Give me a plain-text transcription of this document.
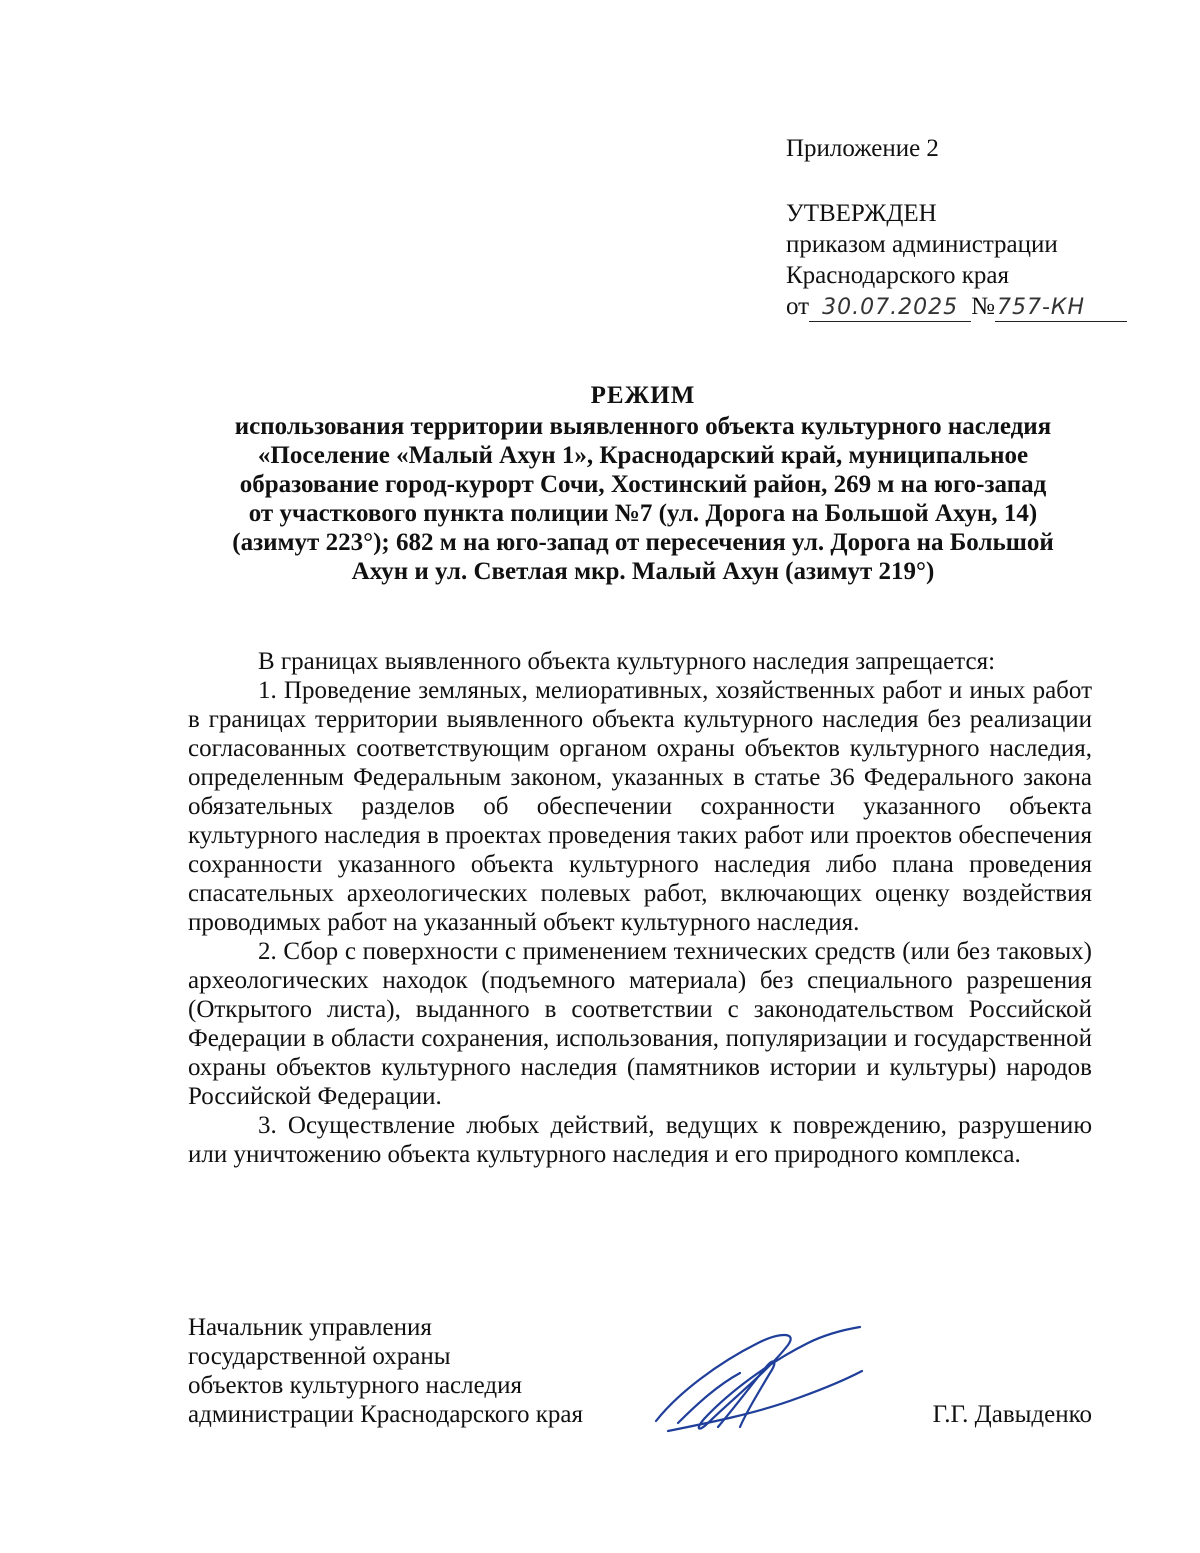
Приложение 2
УТВЕРЖДЕН
приказом администрации
Краснодарского края
от 30.07.2025 №757-КН
РЕЖИМ
использования территории выявленного объекта культурного наследия
«Поселение «Малый Ахун 1», Краснодарский край, муниципальное
образование город-курорт Сочи, Хостинский район, 269 м на юго-запад
от участкового пункта полиции №7 (ул. Дорога на Большой Ахун, 14)
(азимут 223°); 682 м на юго-запад от пересечения ул. Дорога на Большой
Ахун и ул. Светлая мкр. Малый Ахун (азимут 219°)

В границах выявленного объекта культурного наследия запрещается:

1. Проведение земляных, мелиоративных, хозяйственных работ и иных работ в границах территории выявленного объекта культурного наследия без реализации согласованных соответствующим органом охраны объектов культурного наследия, определенным Федеральным законом, указанных в статье 36 Федерального закона обязательных разделов об обеспечении сохранности указанного объекта культурного наследия в проектах проведения таких работ или проектов обеспечения сохранности указанного объекта культурного наследия либо плана проведения спасательных археологических полевых работ, включающих оценку воздействия проводимых работ на указанный объект культурного наследия.

2. Сбор с поверхности с применением технических средств (или без таковых) археологических находок (подъемного материала) без специального разрешения (Открытого листа), выданного в соответствии с законодательством Российской Федерации в области сохранения, использования, популяризации и государственной охраны объектов культурного наследия (памятников истории и культуры) народов Российской Федерации.

3. Осуществление любых действий, ведущих к повреждению, разрушению или уничтожению объекта культурного наследия и его природного комплекса.

Начальник управления
государственной охраны
объектов культурного наследия
администрации Краснодарского края	Г.Г. Давыденко
